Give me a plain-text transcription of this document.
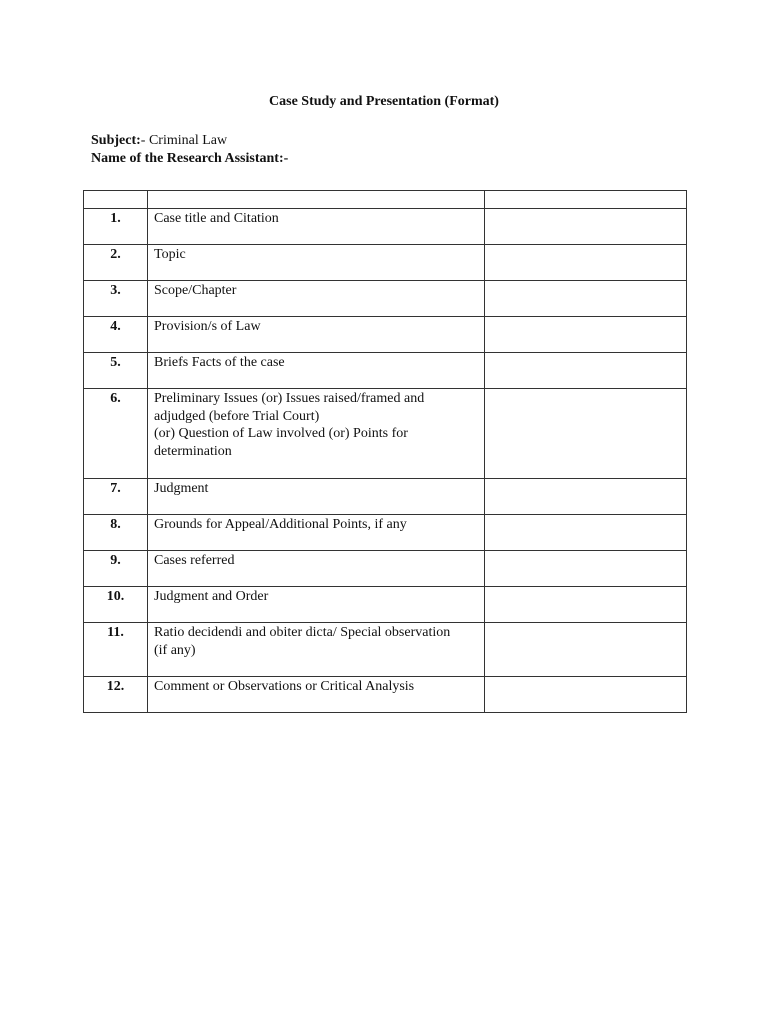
Case Study and Presentation (Format)
Subject:- Criminal Law
Name of the Research Assistant:-

1.	Case title and Citation	
2.	Topic	
3.	Scope/Chapter	
4.	Provision/s of Law	
5.	Briefs Facts of the case	
6.	Preliminary Issues (or) Issues raised/framed and
adjudged (before Trial Court)
(or) Question of Law involved (or) Points for
determination	

7.	Judgment	
8.	Grounds for Appeal/Additional Points, if any	
9.	Cases referred	
10.	Judgment and Order	
11.	Ratio decidendi and obiter dicta/ Special observation
(if any)	

12.	Comment or Observations or Critical Analysis	
